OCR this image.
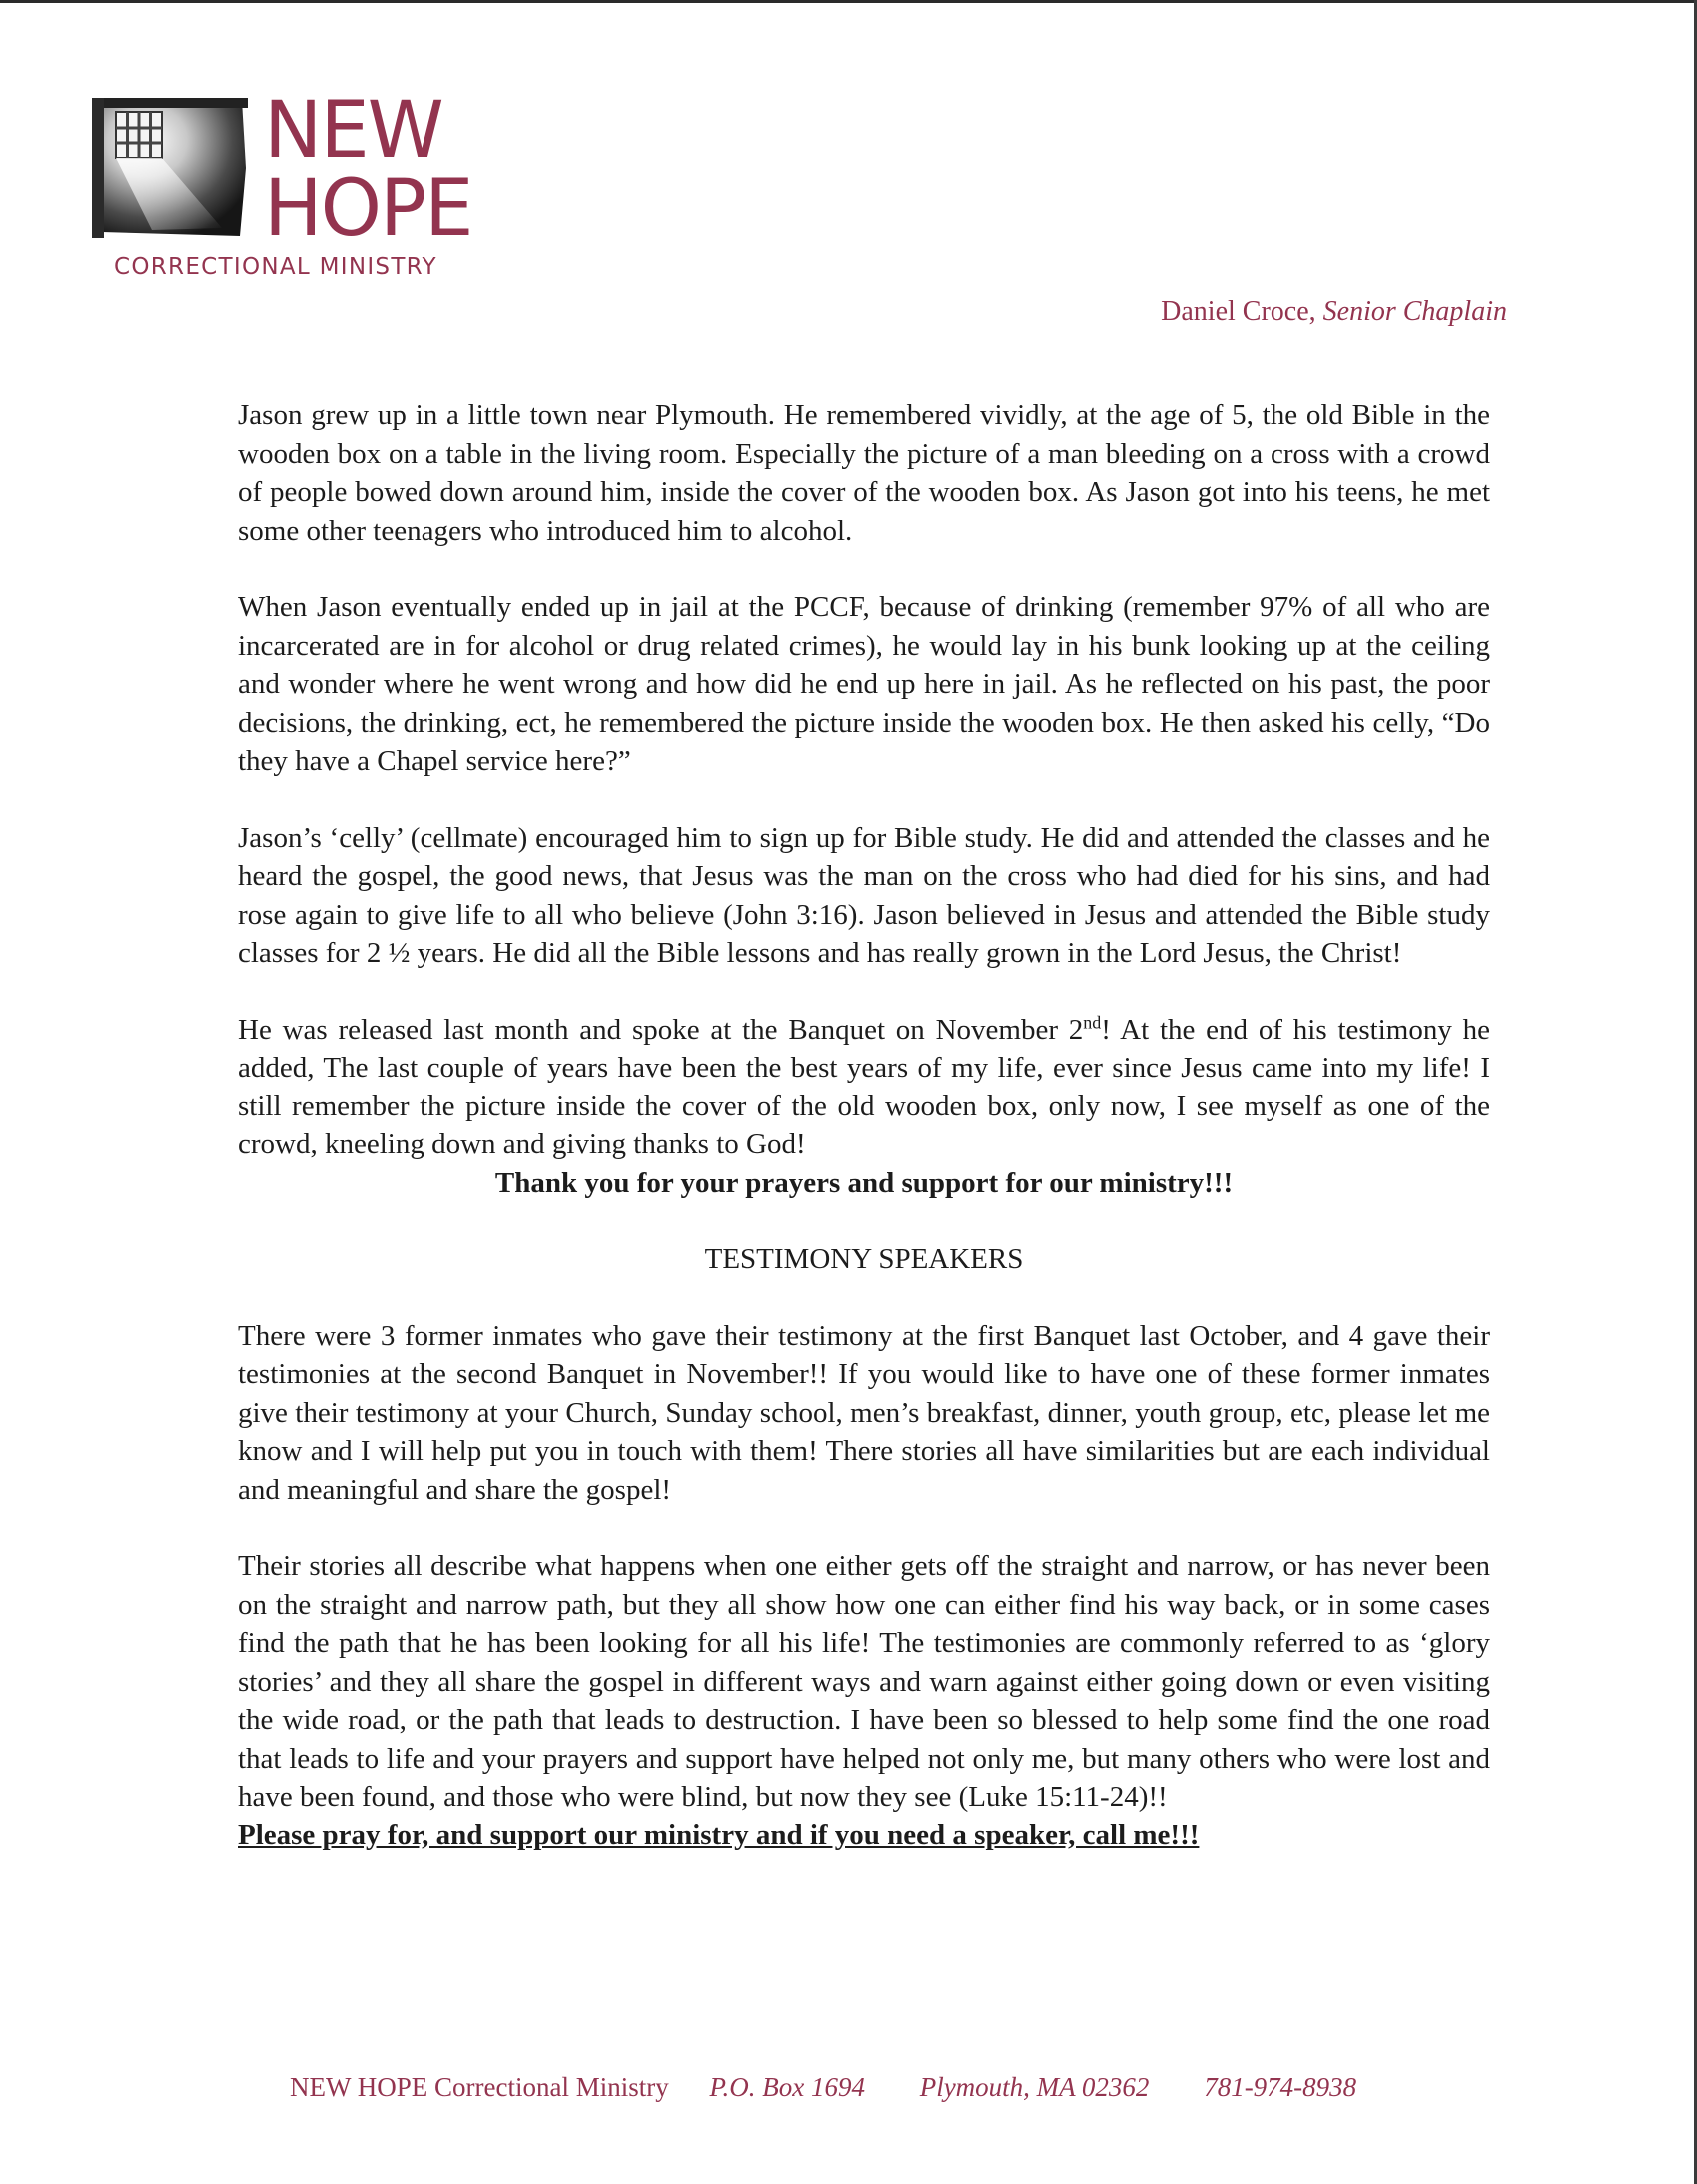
NEW
HOPE
CORRECTIONAL MINISTRY
Daniel Croce, Senior Chaplain

Jason grew up in a little town near Plymouth. He remembered vividly, at the age of 5, the old Bible in the wooden box on a table in the living room. Especially the picture of a man bleeding on a cross with a crowd of people bowed down around him, inside the cover of the wooden box. As Jason got into his teens, he met some other teenagers who introduced him to alcohol.

When Jason eventually ended up in jail at the PCCF, because of drinking (remember 97% of all who are incarcerated are in for alcohol or drug related crimes), he would lay in his bunk looking up at the ceiling and wonder where he went wrong and how did he end up here in jail. As he reflected on his past, the poor decisions, the drinking, ect, he remembered the picture inside the wooden box. He then asked his celly, “Do they have a Chapel service here?”

Jason’s ‘celly’ (cellmate) encouraged him to sign up for Bible study. He did and attended the classes and he heard the gospel, the good news, that Jesus was the man on the cross who had died for his sins, and had rose again to give life to all who believe (John 3:16). Jason believed in Jesus and attended the Bible study classes for 2 ½ years. He did all the Bible lessons and has really grown in the Lord Jesus, the Christ!

He was released last month and spoke at the Banquet on November 2nd! At the end of his testimony he added, The last couple of years have been the best years of my life, ever since Jesus came into my life! I still remember the picture inside the cover of the old wooden box, only now, I see myself as one of the crowd, kneeling down and giving thanks to God!

Thank you for your prayers and support for our ministry!!!

TESTIMONY SPEAKERS

There were 3 former inmates who gave their testimony at the first Banquet last October, and 4 gave their testimonies at the second Banquet in November!! If you would like to have one of these former inmates give their testimony at your Church, Sunday school, men’s breakfast, dinner, youth group, etc, please let me know and I will help put you in touch with them! There stories all have similarities but are each individual and meaningful and share the gospel!

Their stories all describe what happens when one either gets off the straight and narrow, or has never been on the straight and narrow path, but they all show how one can either find his way back, or in some cases find the path that he has been looking for all his life! The testimonies are commonly referred to as ‘glory stories’ and they all share the gospel in different ways and warn against either going down or even visiting the wide road, or the path that leads to destruction. I have been so blessed to help some find the one road that leads to life and your prayers and support have helped not only me, but many others who were lost and have been found, and those who were blind, but now they see (Luke 15:11-24)!!

Please pray for, and support our ministry and if you need a speaker, call me!!!

NEW HOPE Correctional Ministry P.O. Box 1694 Plymouth, MA 02362 781-974-8938
